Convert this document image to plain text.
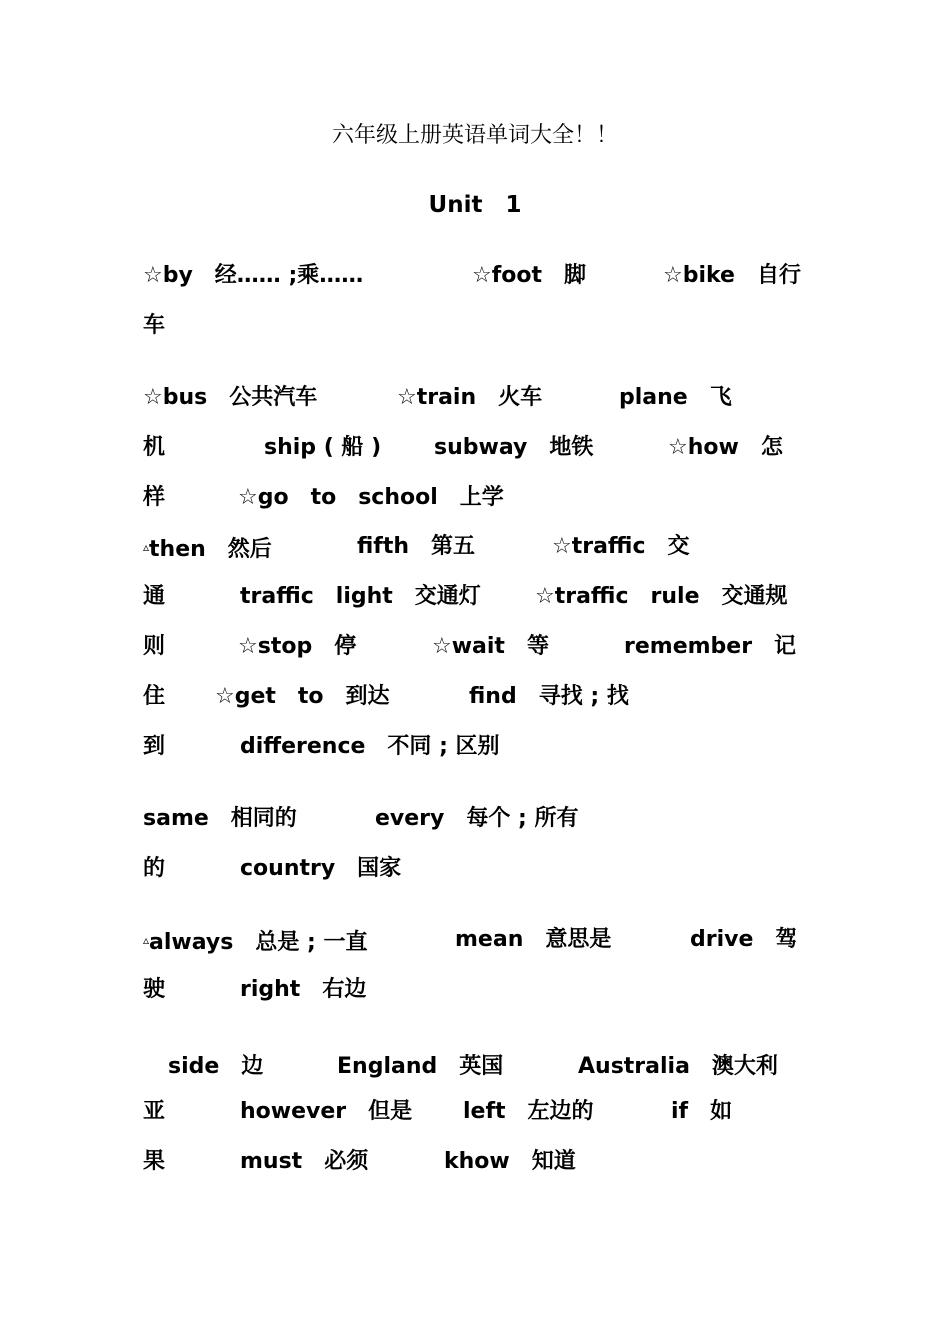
六年级上册英语单词大全！！
Unit　1
☆by　经…… ;乘……	☆foot　脚	☆bike　自行
车
☆bus　公共汽车	☆train　火车	plane　飞
机	ship ( 船 ) subway　地铁	☆how　怎
样	☆go　to　school　上学
▵then　然后	fifth　第五	☆traffic　交
通	traffic　light　交通灯 ☆traffic　rule　交通规
则	☆stop　停	☆wait　等	remember　记
住 ☆get　to　到达	find　寻找 ; 找
到	difference　不同 ; 区别
same　相同的	every　每个 ; 所有
的	country　国家
▵always　总是 ; 一直	mean　意思是	drive　驾
驶	right　右边
side　边	England　英国	Australia　澳大利
亚	however　但是 left　左边的	if　如
果	must　必须	khow　知道
